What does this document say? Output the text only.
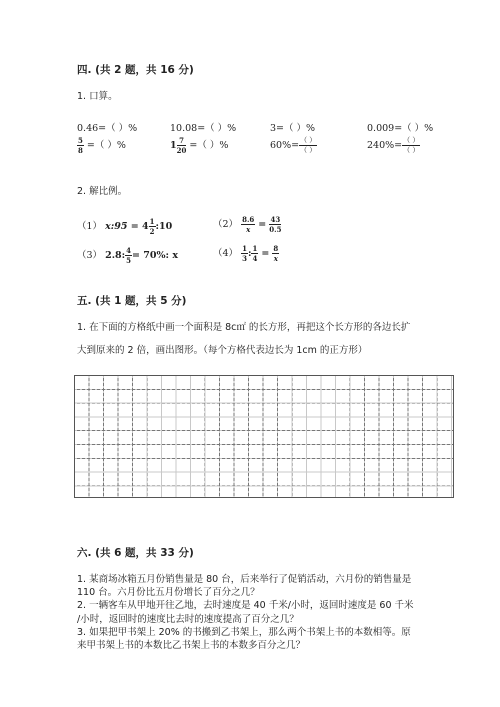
四. (共 2 题，共 16 分)
1. 口算。
0.46=（ ）%	10.08=（ ）%	3=（ ）%	0.009=（ ）%
$\frac{5}{8}$ =（ ）%	$1 \frac{7}{20}$ =（ ）%	$60\%= \frac{( )}{( )}$	$240\%= \frac{( )}{( )}$
2. 解比例。
（1） x:95 = $4 \frac{1}{2}$ :10	$(2) \frac{8.6}{x} = \frac{43}{0.5}$
（3） 2.8: $\frac{4}{5} = 70\%$: x	$(4) \frac{1}{3}$ : $\frac{1}{4} = \frac{8}{x}$
五. (共 1 题，共 5 分)
1. 在下面的方格纸中画一个面积是 8c㎡ 的长方形，再把这个长方形的各边长扩
大到原来的 2 倍，画出图形。（每个方格代表边长为 1cm 的正方形）
六. (共 6 题，共 33 分)
1. 某商场冰箱五月份销售量是 80 台，后来举行了促销活动，六月份的销售量是
110 台。六月份比五月份增长了百分之几？
2. 一辆客车从甲地开往乙地，去时速度是 40 千米/小时，返回时速度是 60 千米
/小时，返回时的速度比去时的速度提高了百分之几？
3. 如果把甲书架上 20% 的书搬到乙书架上，那么两个书架上书的本数相等。原
来甲书架上书的本数比乙书架上书的本数多百分之几？
